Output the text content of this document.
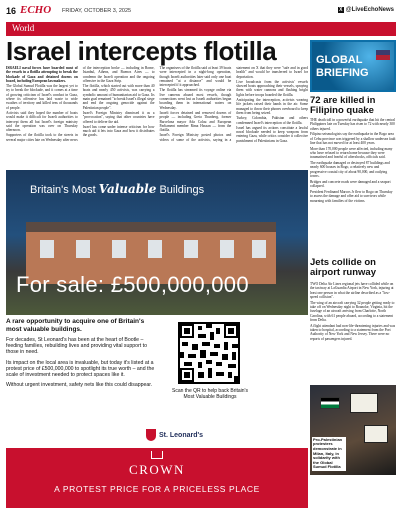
16 ECHO FRIDAY, OCTOBER 3, 2025	X @LiveEchoNews
World
Israel intercepts flotilla

ISRAELI naval forces have boarded most of the vessels in a flotilla attempting to break the blockade of Gaza and detained dozens on board, including European lawmakers.

The Global Sumud Flotilla was the largest yet to try to break the blockade, and it comes at a time of growing criticism of Israel's conduct in Gaza, where its offensive has laid waste to wide swathes of territory and killed tens of thousands of people.

Activists said they hoped the number of boats would make it difficult for Israeli authorities to intercept them all but Israel's foreign ministry said the operation was over on Thursday afternoon.

Supporters of the flotilla took to the streets in several major cities late on Wednesday after news of the interception broke — including in Rome, Istanbul, Athens, and Buenos Aires — to condemn the Israeli operation and the ongoing offensive in the Gaza Strip.

The flotilla, which started out with more than 40 boats and nearly 450 activists, was carrying a symbolic amount of humanitarian aid to Gaza. Its main goal remained "to break Israel's illegal siege and end the ongoing genocide against the Palestinian people".

Israel's Foreign Ministry dismissed it as a "provocation", saying that other countries have offered to deliver the aid.

Israel has come under intense criticism for how much aid it lets into Gaza and how it distributes the goods.

The organisers of the flotilla said at least 39 boats were intercepted in a night-long operation, though Israeli authorities later said only one boat remained "at a distance" and would be intercepted if it approached.

The flotilla has streamed its voyage online via live cameras aboard most vessels, though connections went lost as Israeli authorities began boarding them in international waters on Wednesday.

Israeli forces detained and removed dozens of people — including Greta Thunberg, former Barcelona mayor Ada Colau and European Parliament member Rima Hassan — from the flotilla.

Israel's Foreign Ministry posted photos and videos of some of the activists, saying in a statement on X that they were "safe and in good health" and would be transferred to Israel for deportation.

Live broadcasts from the activists' vessels showed boats approaching their vessels, spraying them with water cannons and flashing bright lights before troops boarded the flotilla.

Anticipating the interception, activists wearing life jackets raised their hands in the air. Some managed to throw their phones overboard to keep them from being seized.

Turkey, Colombia, Pakistan and others condemned Israel's interception of the flotilla.

Israel has argued its actions constitute a lawful naval blockade needed to keep weapons from entering Gaza, while critics consider it collective punishment of Palestinians in Gaza.

GLOBAL
BRIEFING
72 are killed in Filipino quake

THE death toll in a powerful earthquake that hit the central Philippines late on Tuesday has risen to 72 with nearly 300 others injured.

Filipino seismologists say the earthquake in the Bogo area of Cebu province was triggered by a shallow undersea fault line that has not moved for at least 400 years.

More than 170,000 people were affected, including many who have refused to return home because they were traumatised and fearful of aftershocks, officials said.

The earthquake damaged or destroyed 87 buildings and nearly 600 houses in Bogo, a relatively new and progressive coastal city of about 90,000, and outlying towns.

Bridges and concrete roads were damaged and a seaport collapsed.

President Ferdinand Marcos Jr flew to Bogo on Thursday to assess the damage and offer aid to survivors while mourning with families of the victims.

Jets collide on airport runway

TWO Delta Air Lines regional jets have collided while on the taxiway at LaGuardia Airport in New York, injuring at least one person in what the airline described as a "low-speed collision".

The wing of an aircraft carrying 32 people getting ready to take off on Wednesday night to Roanoke, Virginia, hit the fuselage of an aircraft arriving from Charlotte, North Carolina, with 61 people aboard, according to a statement from Delta.

A flight attendant had non-life-threatening injuries and was taken to hospital, according to a statement from the Port Authority of New York and New Jersey. There were no reports of passengers injured.

Pro-Palestinian protesters demonstrate in Milan, Italy, in solidarity with the Global Sumud Flotilla
Britain's Most Valuable Buildings
For sale: £500,000,000

A rare opportunity to acquire one of Britain's most valuable buildings.

For decades, St Leonard's has been at the heart of Bootle – feeding families, rebuilding lives and providing vital support to those in need.

Its impact on the local area is invaluable, but today it's listed at a protest price of £500,000,000 to spotlight its true worth – and the scale of investment needed to protect spaces like it.

Without urgent investment, safety nets like this could disappear.

Scan the QR to help back Britain's Most Valuable Buildings
St. Leonard's
CROWN
A PROTEST PRICE FOR A PRICELESS PLACE
